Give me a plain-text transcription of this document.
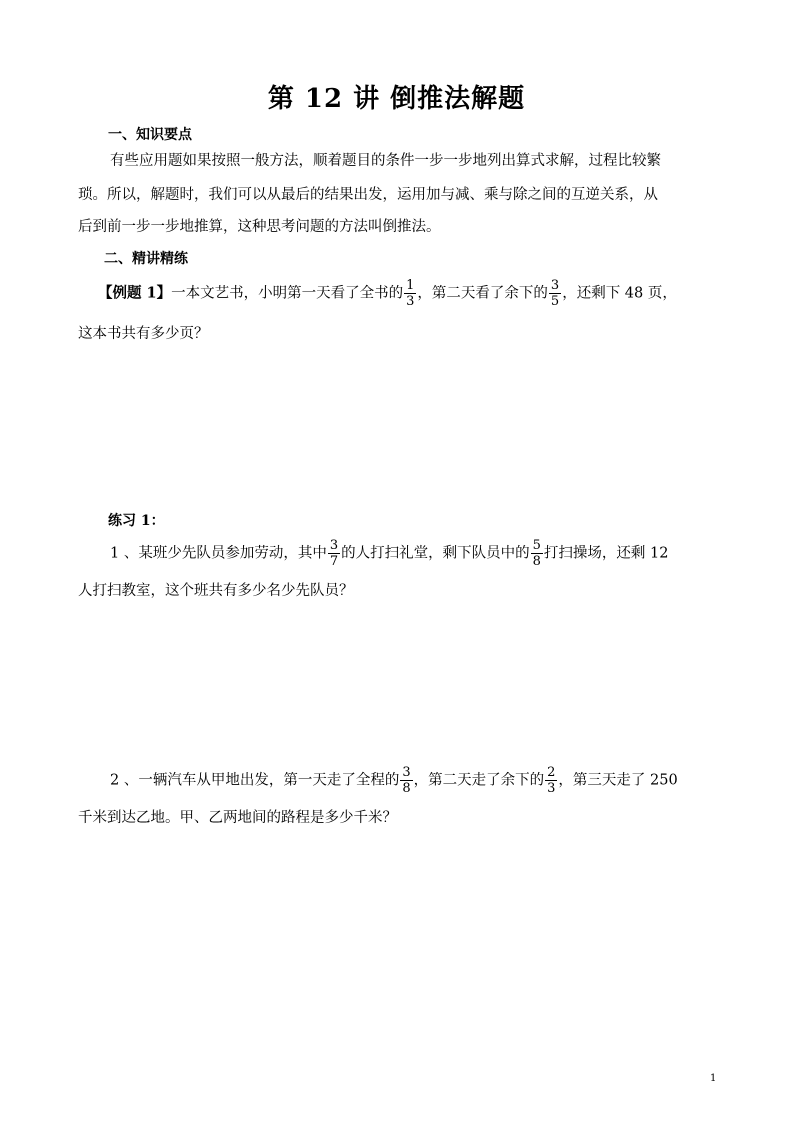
第 12 讲 倒推法解题
一、知识要点
有些应用题如果按照一般方法，顺着题目的条件一步一步地列出算式求解，过程比较繁
琐。所以，解题时，我们可以从最后的结果出发，运用加与减、乘与除之间的互逆关系，从
后到前一步一步地推算，这种思考问题的方法叫倒推法。
二、精讲精练
【例题 1】一本文艺书，小明第一天看了全书的 $\frac{1}{3}$ ，第二天看了余下的 $\frac{3}{5}$ ，还剩下 48 页，
这本书共有多少页？
练习 1：
1 、某班少先队员参加劳动，其中 $\frac{3}{7}$ 的人打扫礼堂，剩下队员中的 $\frac{5}{8}$ 打扫操场，还剩 12
人打扫教室，这个班共有多少名少先队员？
2 、一辆汽车从甲地出发，第一天走了全程的 $\frac{3}{8}$ ，第二天走了余下的 $\frac{2}{3}$ ，第三天走了 250
千米到达乙地。甲、乙两地间的路程是多少千米？
1
